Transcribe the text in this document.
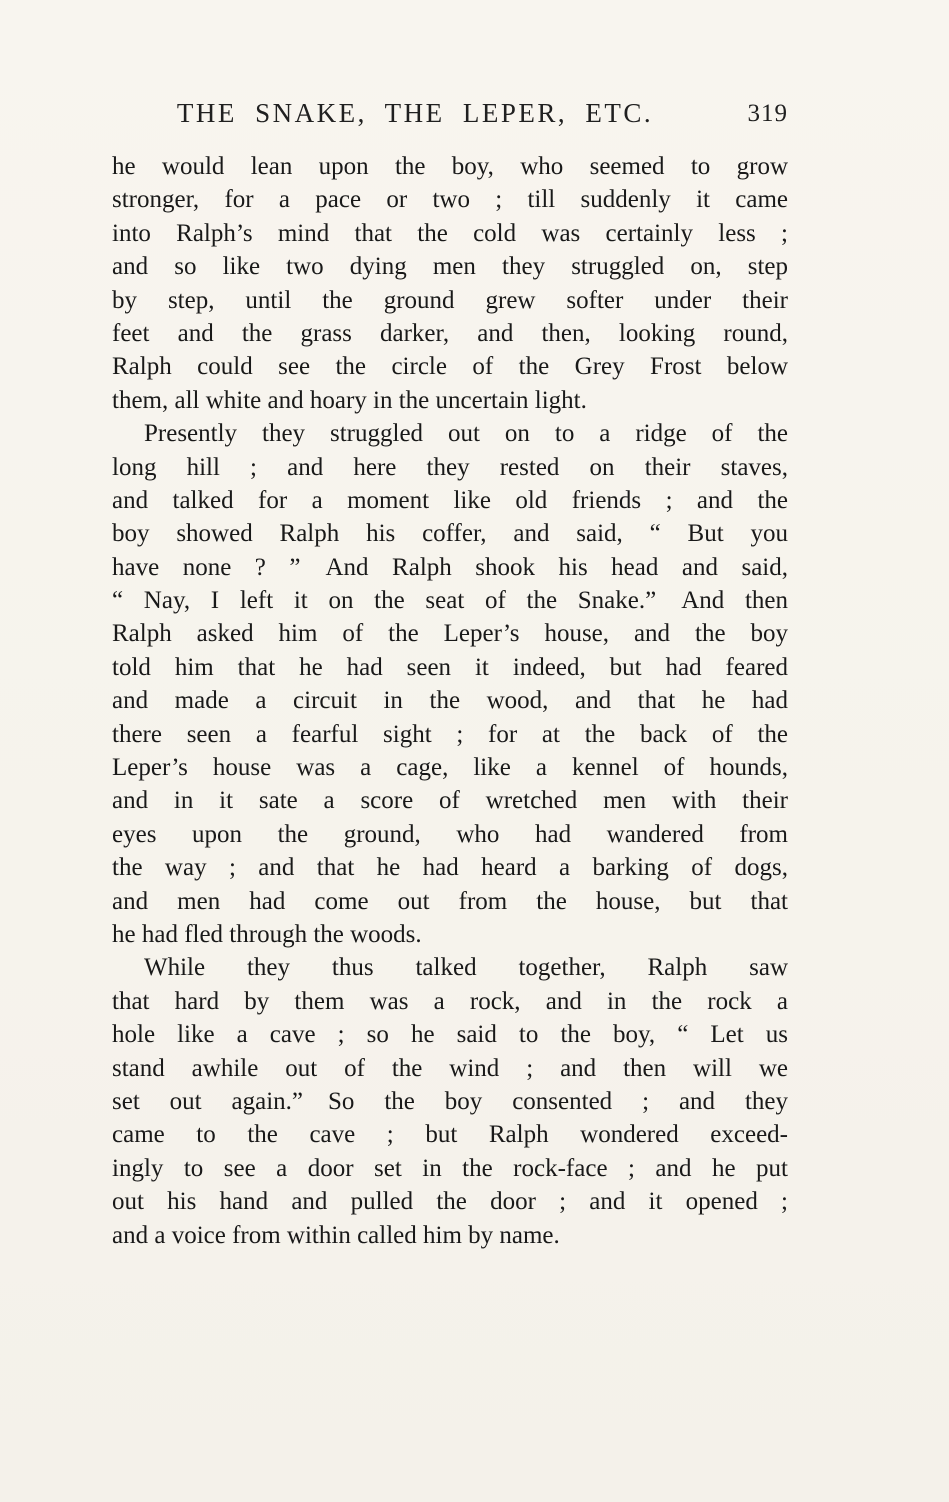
THE SNAKE, THE LEPER, ETC.	319
he would lean upon the boy, who seemed to grow
stronger, for a pace or two ; till suddenly it came
into Ralph’s mind that the cold was certainly less ;
and so like two dying men they struggled on, step
by step, until the ground grew softer under their
feet and the grass darker, and then, looking round,
Ralph could see the circle of the Grey Frost below
them, all white and hoary in the uncertain light.
Presently they struggled out on to a ridge of the
long hill ; and here they rested on their staves,
and talked for a moment like old friends ; and the
boy showed Ralph his coffer, and said, “ But you
have none ? ” And Ralph shook his head and said,
“ Nay, I left it on the seat of the Snake.” And then
Ralph asked him of the Leper’s house, and the boy
told him that he had seen it indeed, but had feared
and made a circuit in the wood, and that he had
there seen a fearful sight ; for at the back of the
Leper’s house was a cage, like a kennel of hounds,
and in it sate a score of wretched men with their
eyes upon the ground, who had wandered from
the way ; and that he had heard a barking of dogs,
and men had come out from the house, but that
he had fled through the woods.
While they thus talked together, Ralph saw
that hard by them was a rock, and in the rock a
hole like a cave ; so he said to the boy, “ Let us
stand awhile out of the wind ; and then will we
set out again.” So the boy consented ; and they
came to the cave ; but Ralph wondered exceed-
ingly to see a door set in the rock-face ; and he put
out his hand and pulled the door ; and it opened ;
and a voice from within called him by name.
